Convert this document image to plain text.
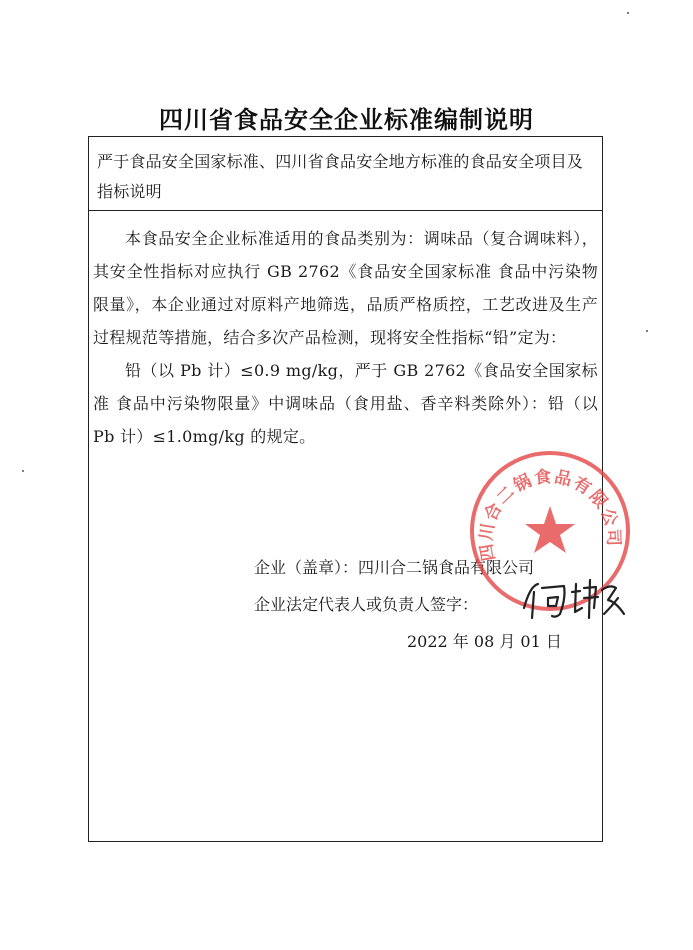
四川省食品安全企业标准编制说明
严于食品安全国家标准、四川省食品安全地方标准的食品安全项目及指标说明

本食品安全企业标准适用的食品类别为：调味品（复合调味料），其安全性指标对应执行 GB 2762《食品安全国家标准 食品中污染物限量》，本企业通过对原料产地筛选，品质严格质控，工艺改进及生产过程规范等措施，结合多次产品检测，现将安全性指标“铅”定为：

铅（以 Pb 计）≤0.9 mg/kg，严于 GB 2762《食品安全国家标准 食品中污染物限量》中调味品（食用盐、香辛料类除外）：铅（以 Pb 计）≤1.0mg/kg 的规定。

企业（盖章）：四川合二锅食品有限公司
企业法定代表人或负责人签字：
2022 年 08 月 01 日
四川合二锅食品有限公司
